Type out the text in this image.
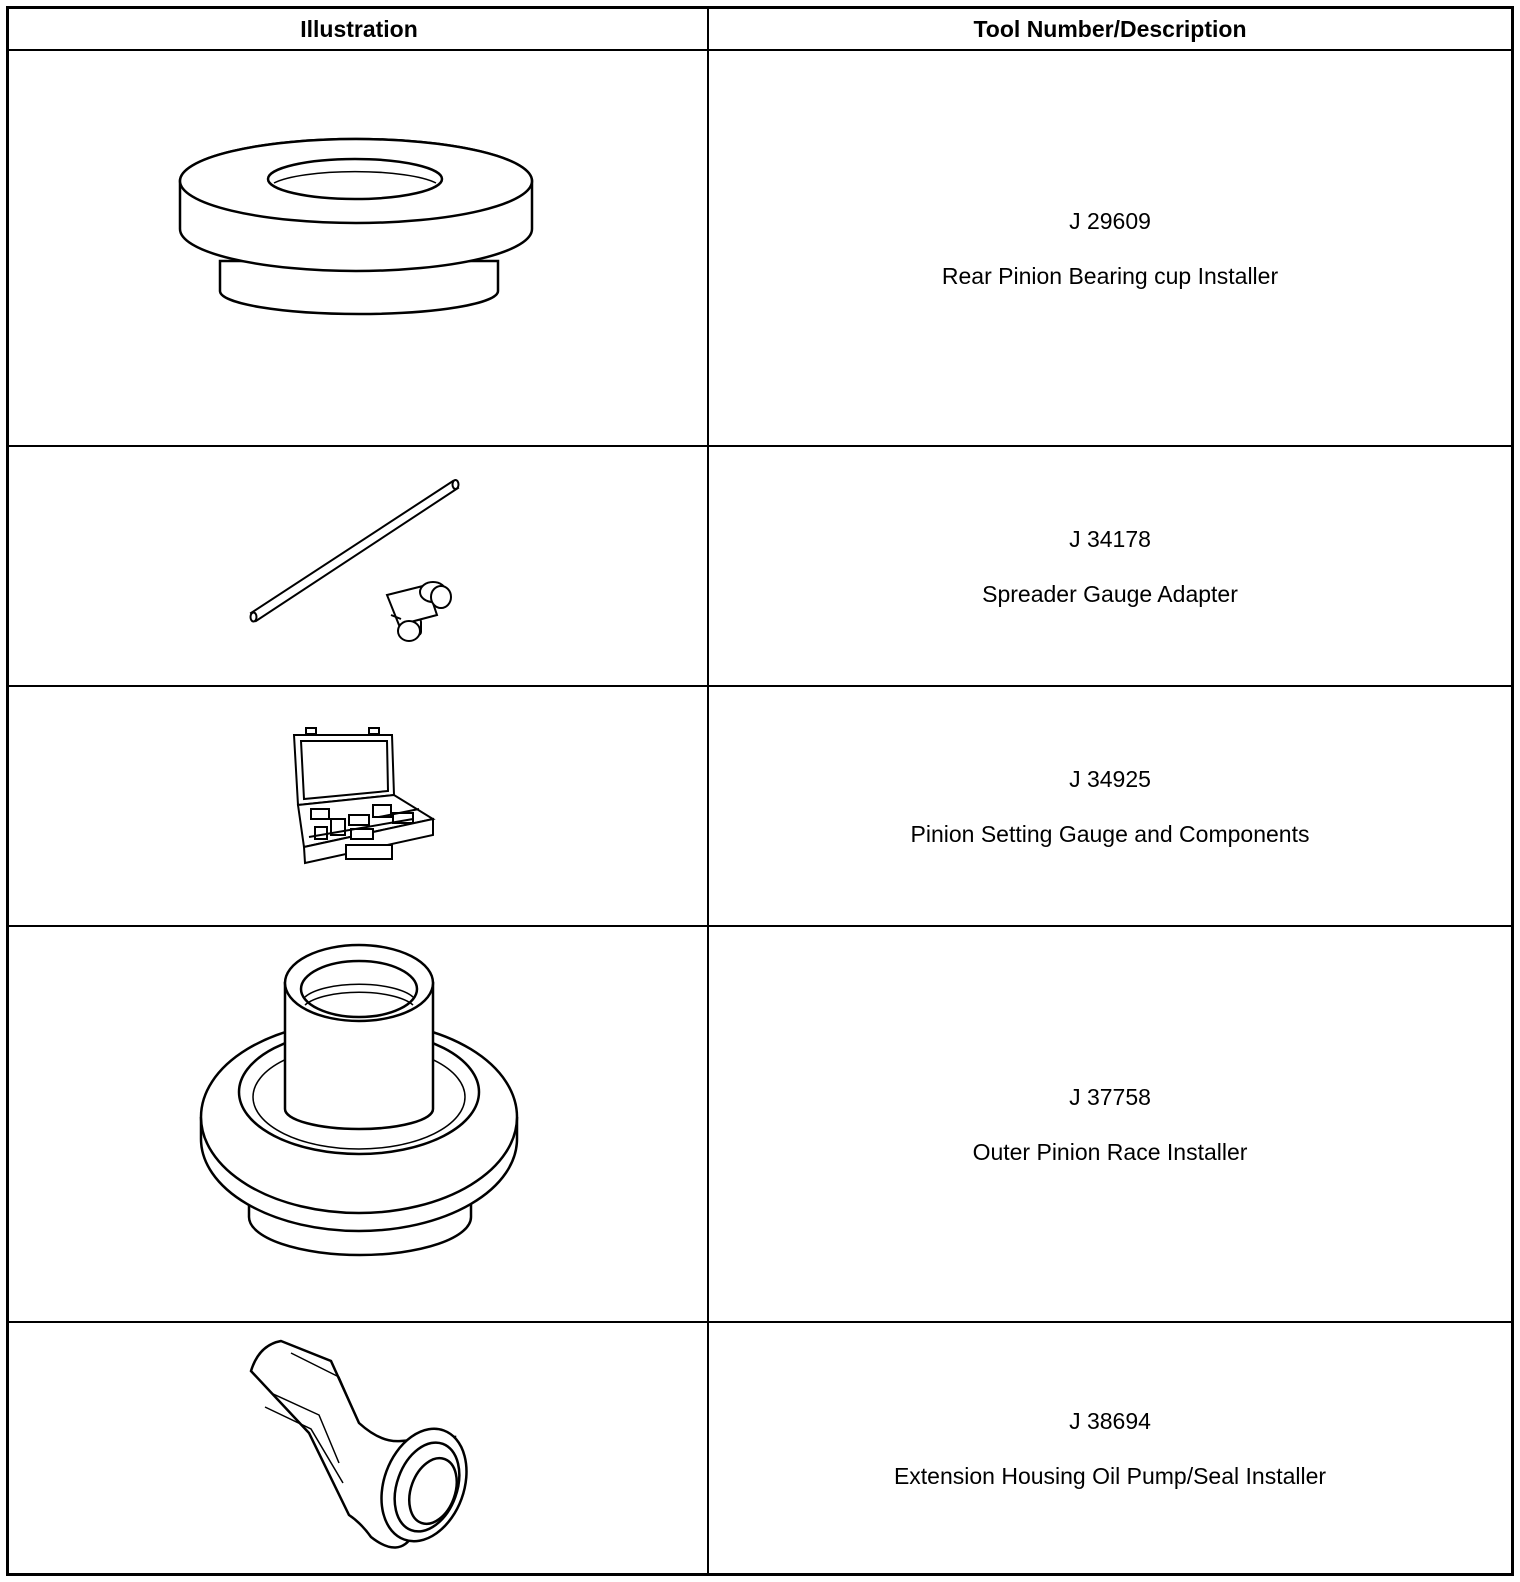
Illustration	Tool Number/Description
J 29609
Rear Pinion Bearing cup Installer
J 34178
Spreader Gauge Adapter
J 34925
Pinion Setting Gauge and Components
J 37758
Outer Pinion Race Installer
J 38694
Extension Housing Oil Pump/Seal Installer
